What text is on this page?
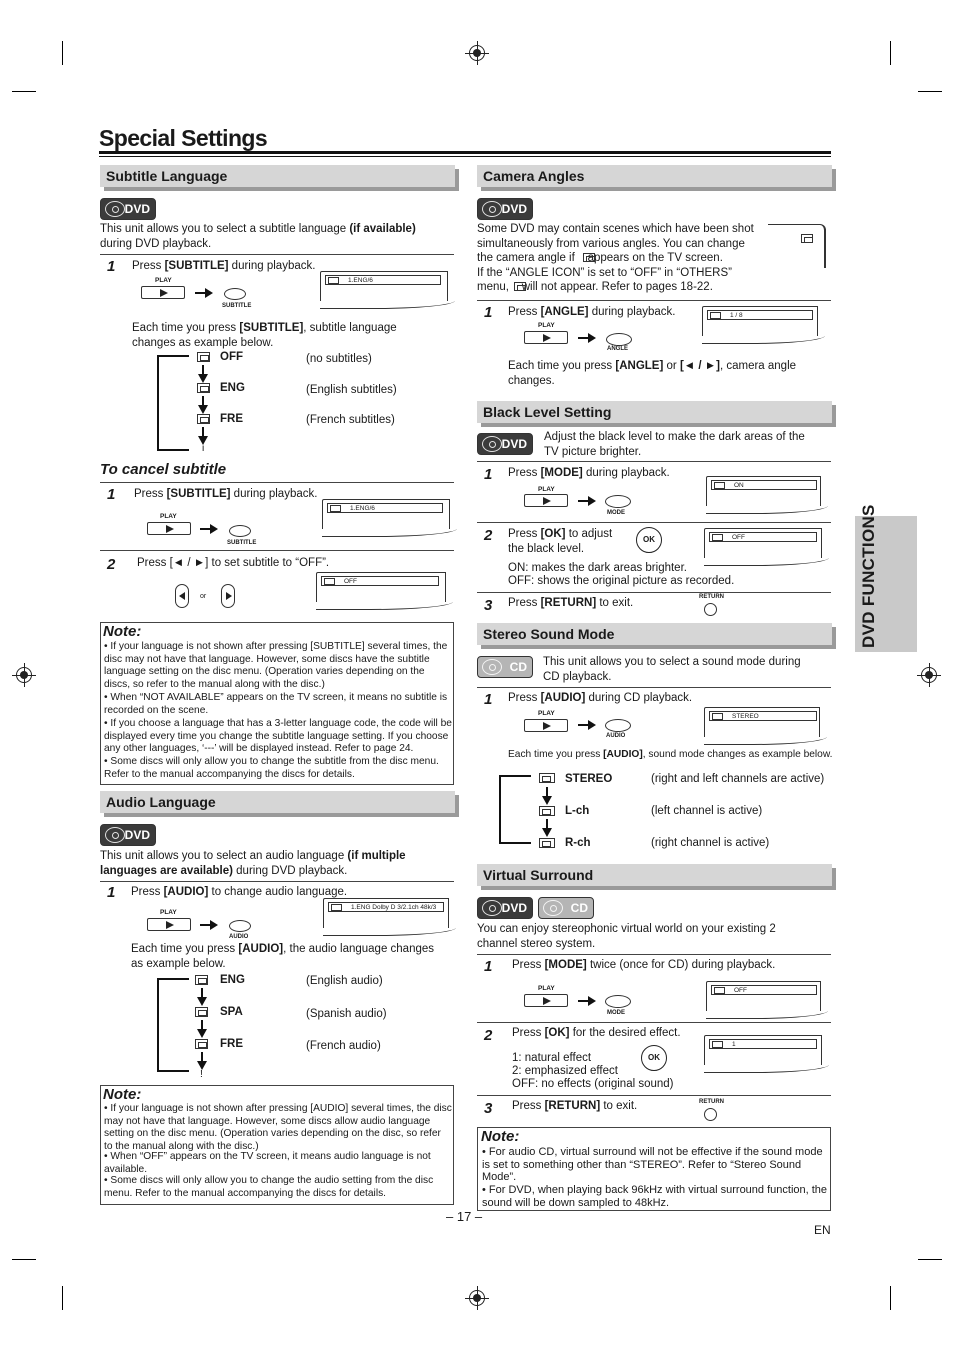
Special Settings
DVD FUNCTIONS
Subtitle Language
DVD
This unit allows you to select a subtitle language (if available)
during DVD playback.
1 Press [SUBTITLE] during playback.
PLAY
SUBTITLE
1.ENG/6
Each time you press [SUBTITLE], subtitle language
changes as example below.
OFF	(no subtitles)
ENG	(English subtitles)
FRE	(French subtitles)
i
To cancel subtitle
1 Press [SUBTITLE] during playback.
PLAY
SUBTITLE
1.ENG/6
2 Press [◄ / ►] to set subtitle to “OFF”.
or
OFF
Note:
• If your language is not shown after pressing [SUBTITLE] several times, the disc may not have that language. However, some discs have the subtitle language setting on the disc menu. (Operation varies depending on the discs, so refer to the manual along with the disc.)
• When “NOT AVAILABLE” appears on the TV screen, it means no subtitle is recorded on the scene.
• If you choose a language that has a 3-letter language code, the code will be displayed every time you change the subtitle language setting. If you choose any other languages, ‘---’ will be displayed instead. Refer to page 24.
• Some discs will only allow you to change the subtitle from the disc menu. Refer to the manual accompanying the discs for details.
Audio Language
DVD
This unit allows you to select an audio language (if multiple
languages are available) during DVD playback.
1 Press [AUDIO] to change audio language.
PLAY
AUDIO
1.ENG Dolby D 3/2.1ch 48k/3
Each time you press [AUDIO], the audio language changes
as example below.
ENG	(English audio)
SPA	(Spanish audio)
FRE	(French audio)
!
Note:
• If your language is not shown after pressing [AUDIO] several times, the disc may not have that language. However, some discs allow audio language setting on the disc menu. (Operation varies depending on the disc, so refer to the manual along with the disc.)
• When “OFF” appears on the TV screen, it means audio language is not available.
• Some discs will only allow you to change the audio setting from the disc menu. Refer to the manual accompanying the discs for details.
Camera Angles
DVD
Some DVD may contain scenes which have been shot
simultaneously from various angles. You can change
the camera angle if    appears on the TV screen.
If the “ANGLE ICON” is set to “OFF” in “OTHERS”
menu,    will not appear. Refer to pages 18-22.
1 Press [ANGLE] during playback.
PLAY
ANGLE
1 / 8
Each time you press [ANGLE] or [◄ / ►], camera angle
changes.
Black Level Setting
DVD Adjust the black level to make the dark areas of the
TV picture brighter.
1 Press [MODE] during playback.
PLAY
MODE
ON
2 Press [OK] to adjust
the black level.
OK	OFF
ON: makes the dark areas brighter.
OFF: shows the original picture as recorded.
3 Press [RETURN] to exit.	RETURN
Stereo Sound Mode
CD This unit allows you to select a sound mode during
CD playback.
1 Press [AUDIO] during CD playback.
PLAY
AUDIO
STEREO
Each time you press [AUDIO], sound mode changes as example below.
STEREO	(right and left channels are active)
L-ch	(left channel is active)
R-ch	(right channel is active)
Virtual Surround
DVD	CD
You can enjoy stereophonic virtual world on your existing 2
channel stereo system.
1 Press [MODE] twice (once for CD) during playback.
PLAY
MODE
OFF
2 Press [OK] for the desired effect.
OK
1
1: natural effect
2: emphasized effect
OFF: no effects (original sound)
3 Press [RETURN] to exit.	RETURN
Note:
• For audio CD, virtual surround will not be effective if the sound mode is set to something other than “STEREO”. Refer to “Stereo Sound Mode”.
• For DVD, when playing back 96kHz with virtual surround function, the sound will be down sampled to 48kHz.
– 17 –
EN
